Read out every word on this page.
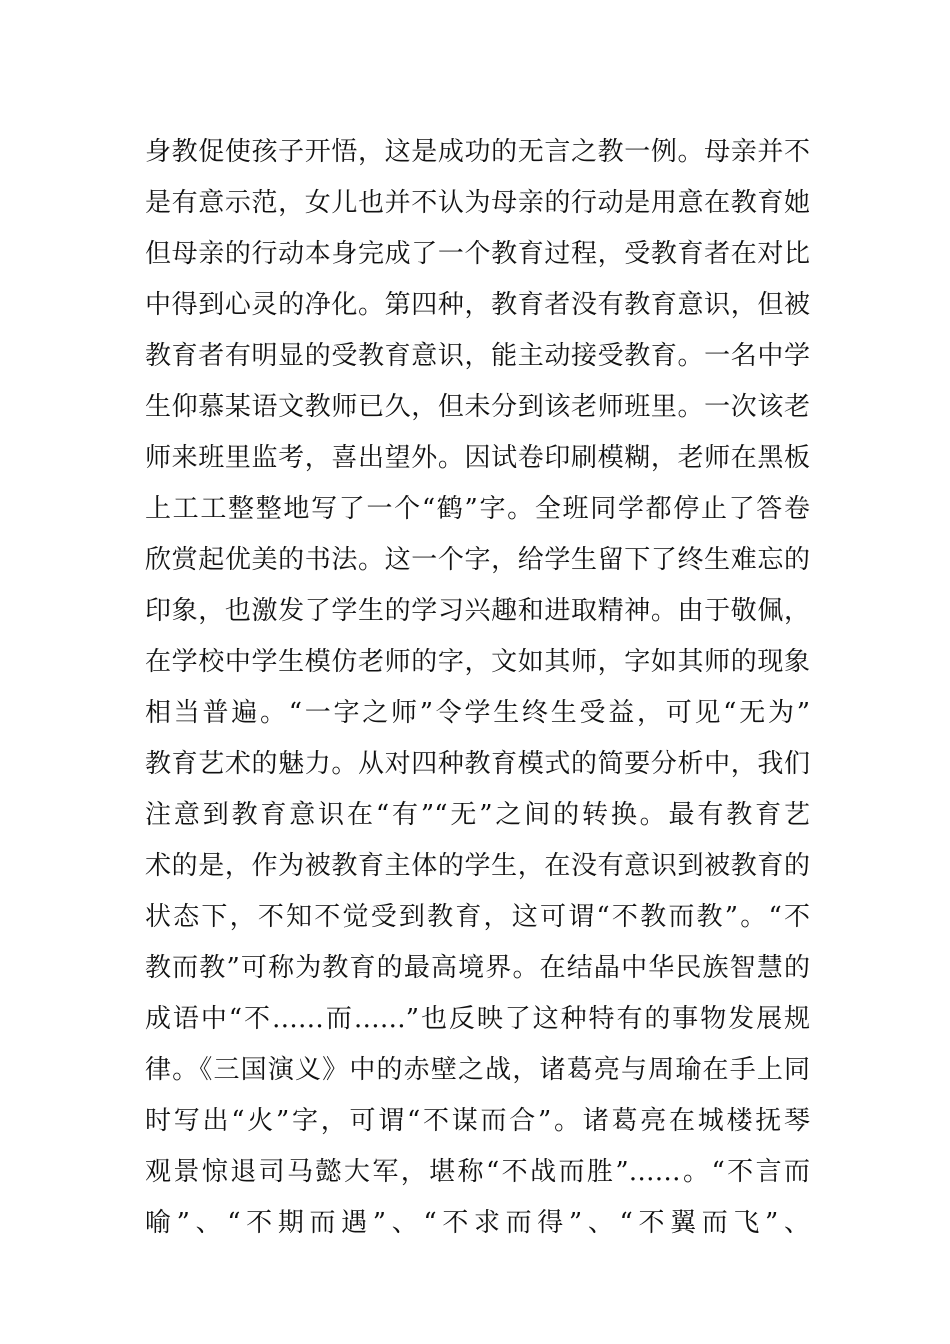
身教促使孩子开悟，这是成功的无言之教一例。母亲并不
是有意示范，女儿也并不认为母亲的行动是用意在教育她
但母亲的行动本身完成了一个教育过程，受教育者在对比
中得到心灵的净化。第四种，教育者没有教育意识，但被
教育者有明显的受教育意识，能主动接受教育。一名中学
生仰慕某语文教师已久，但未分到该老师班里。一次该老
师来班里监考，喜出望外。因试卷印刷模糊，老师在黑板
上工工整整地写了一个“鹤”字。全班同学都停止了答卷
欣赏起优美的书法。这一个字，给学生留下了终生难忘的
印象，也激发了学生的学习兴趣和进取精神。由于敬佩，
在学校中学生模仿老师的字，文如其师，字如其师的现象
相当普遍。“一字之师”令学生终生受益，可见“无为”
教育艺术的魅力。从对四种教育模式的简要分析中，我们
注意到教育意识在“有”“无”之间的转换。最有教育艺
术的是，作为被教育主体的学生，在没有意识到被教育的
状态下，不知不觉受到教育，这可谓“不教而教”。“不
教而教”可称为教育的最高境界。在结晶中华民族智慧的
成语中“不……而……”也反映了这种特有的事物发展规
律。《三国演义》中的赤壁之战，诸葛亮与周瑜在手上同
时写出“火”字，可谓“不谋而合”。诸葛亮在城楼抚琴
观景惊退司马懿大军，堪称“不战而胜”……。“不言而
喻”、“不期而遇”、“不求而得”、“不翼而飞”、
